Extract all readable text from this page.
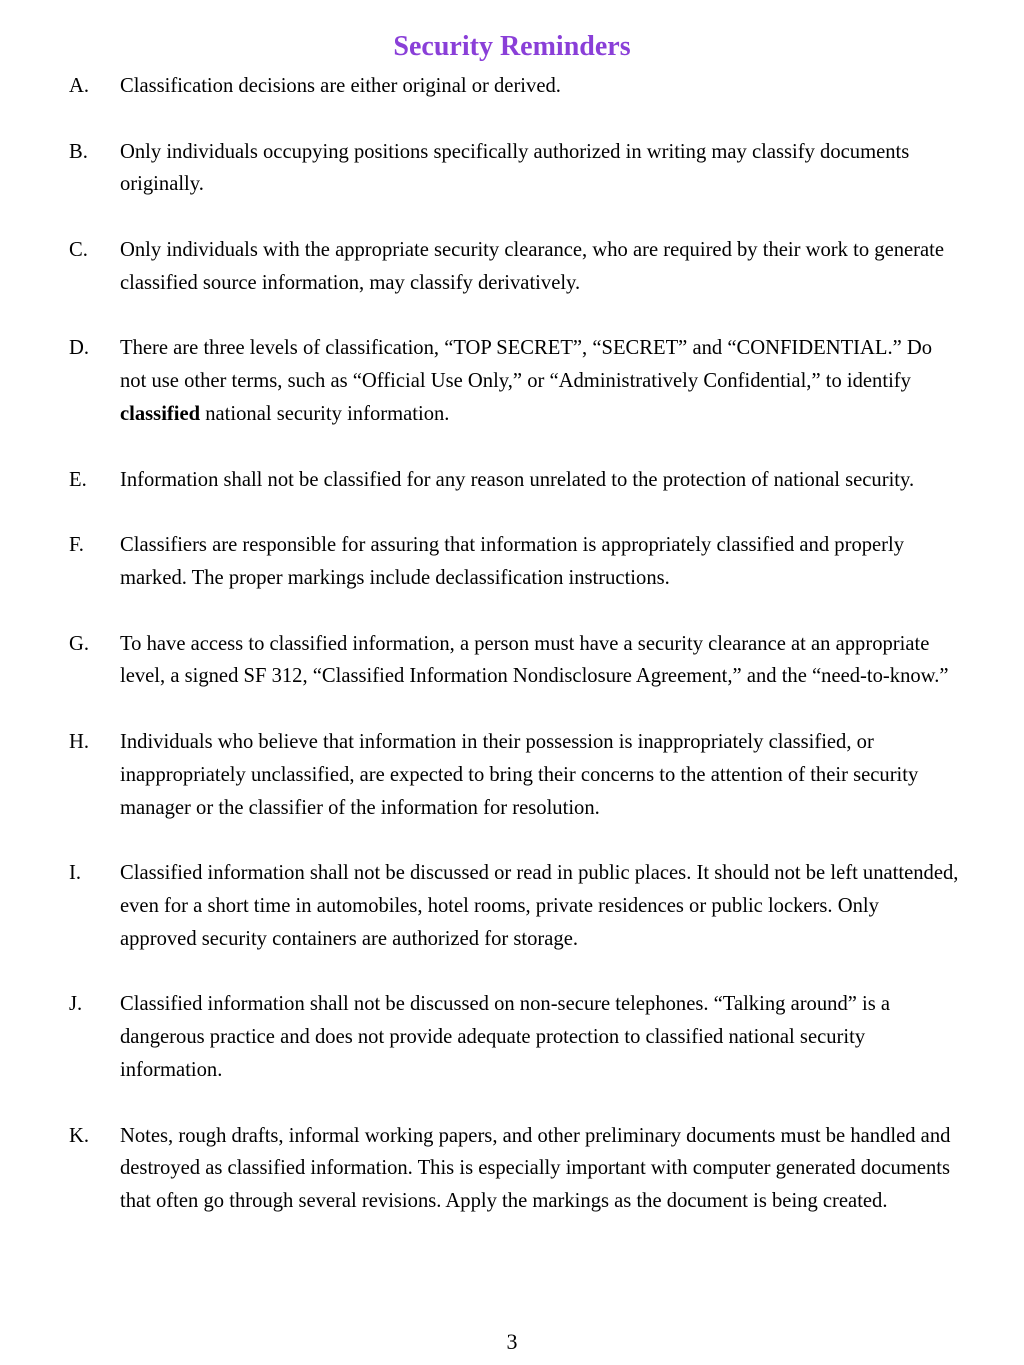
Security Reminders
A. Classification decisions are either original or derived.
B. Only individuals occupying positions specifically authorized in writing may classify documents originally.
C. Only individuals with the appropriate security clearance, who are required by their work to generate classified source information, may classify derivatively.
D. There are three levels of classification, “TOP SECRET”, “SECRET” and “CONFIDENTIAL.” Do not use other terms, such as “Official Use Only,” or “Administratively Confidential,” to identify classified national security information.
E. Information shall not be classified for any reason unrelated to the protection of national security.
F. Classifiers are responsible for assuring that information is appropriately classified and properly marked. The proper markings include declassification instructions.
G. To have access to classified information, a person must have a security clearance at an appropriate level, a signed SF 312, “Classified Information Nondisclosure Agreement,” and the “need-to-know.”
H. Individuals who believe that information in their possession is inappropriately classified, or inappropriately unclassified, are expected to bring their concerns to the attention of their security manager or the classifier of the information for resolution.
I. Classified information shall not be discussed or read in public places. It should not be left unattended, even for a short time in automobiles, hotel rooms, private residences or public lockers. Only approved security containers are authorized for storage.
J. Classified information shall not be discussed on non-secure telephones. “Talking around” is a dangerous practice and does not provide adequate protection to classified national security information.
K. Notes, rough drafts, informal working papers, and other preliminary documents must be handled and destroyed as classified information. This is especially important with computer generated documents that often go through several revisions. Apply the markings as the document is being created.
3
